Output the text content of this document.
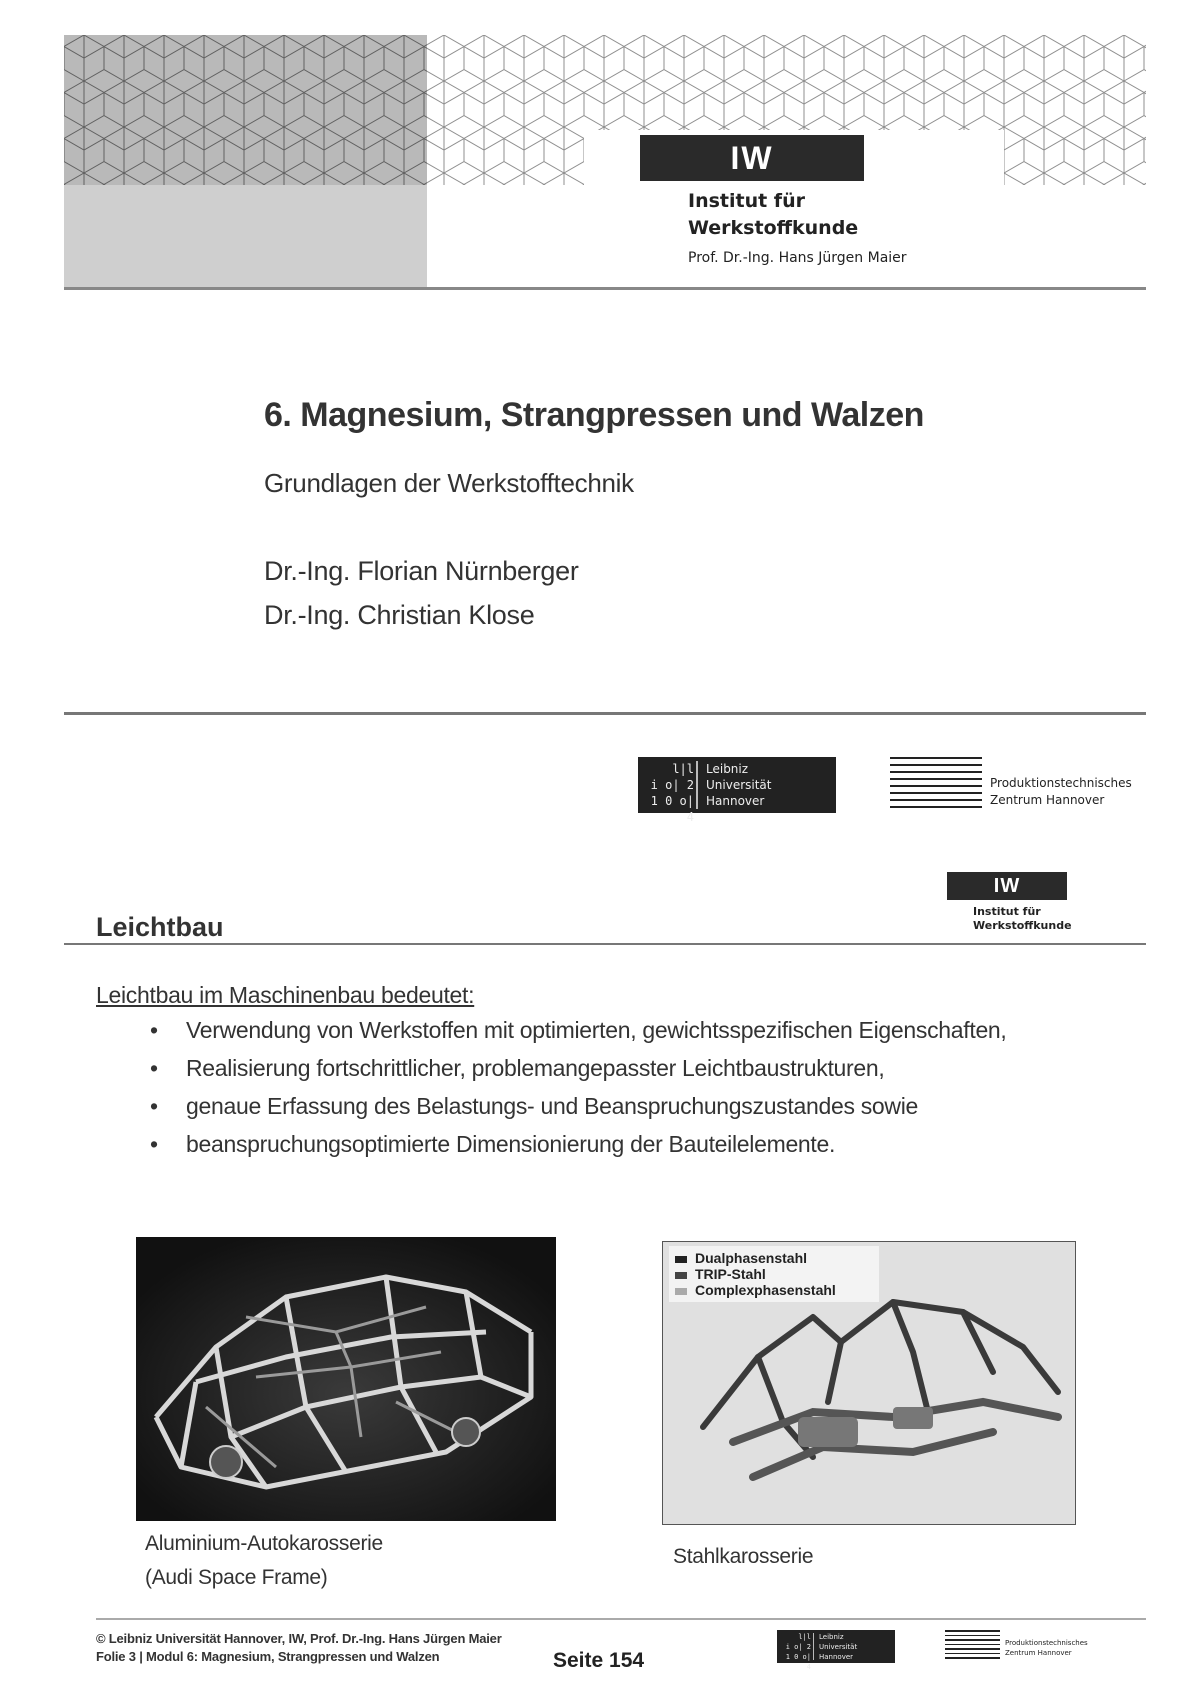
IW
Institut für
Werkstoffkunde
Prof. Dr.-Ing. Hans Jürgen Maier
6. Magnesium, Strangpressen und Walzen
Grundlagen der Werkstofftechnik
Dr.-Ing. Florian Nürnberger
Dr.-Ing. Christian Klose
l|l
i o| 2
1 0 o| 4
Leibniz
Universität
Hannover
Produktionstechnisches
Zentrum Hannover
IW
Institut für
Werkstoffkunde
Leichtbau
Leichtbau im Maschinenbau bedeutet:
• Verwendung von Werkstoffen mit optimierten, gewichtsspezifischen Eigenschaften,
• Realisierung fortschrittlicher, problemangepasster Leichtbaustrukturen,
• genaue Erfassung des Belastungs- und Beanspruchungszustandes sowie
• beanspruchungsoptimierte Dimensionierung der Bauteilelemente.
Dualphasenstahl
TRIP-Stahl
Complexphasenstahl
Aluminium-Autokarosserie
(Audi Space Frame)
Stahlkarosserie
© Leibniz Universität Hannover, IW, Prof. Dr.-Ing. Hans Jürgen Maier
Folie 3 | Modul 6: Magnesium, Strangpressen und Walzen	Seite 154
l|l
i o| 2
1 0 o| 4
Leibniz
Universität
Hannover
Produktionstechnisches
Zentrum Hannover
